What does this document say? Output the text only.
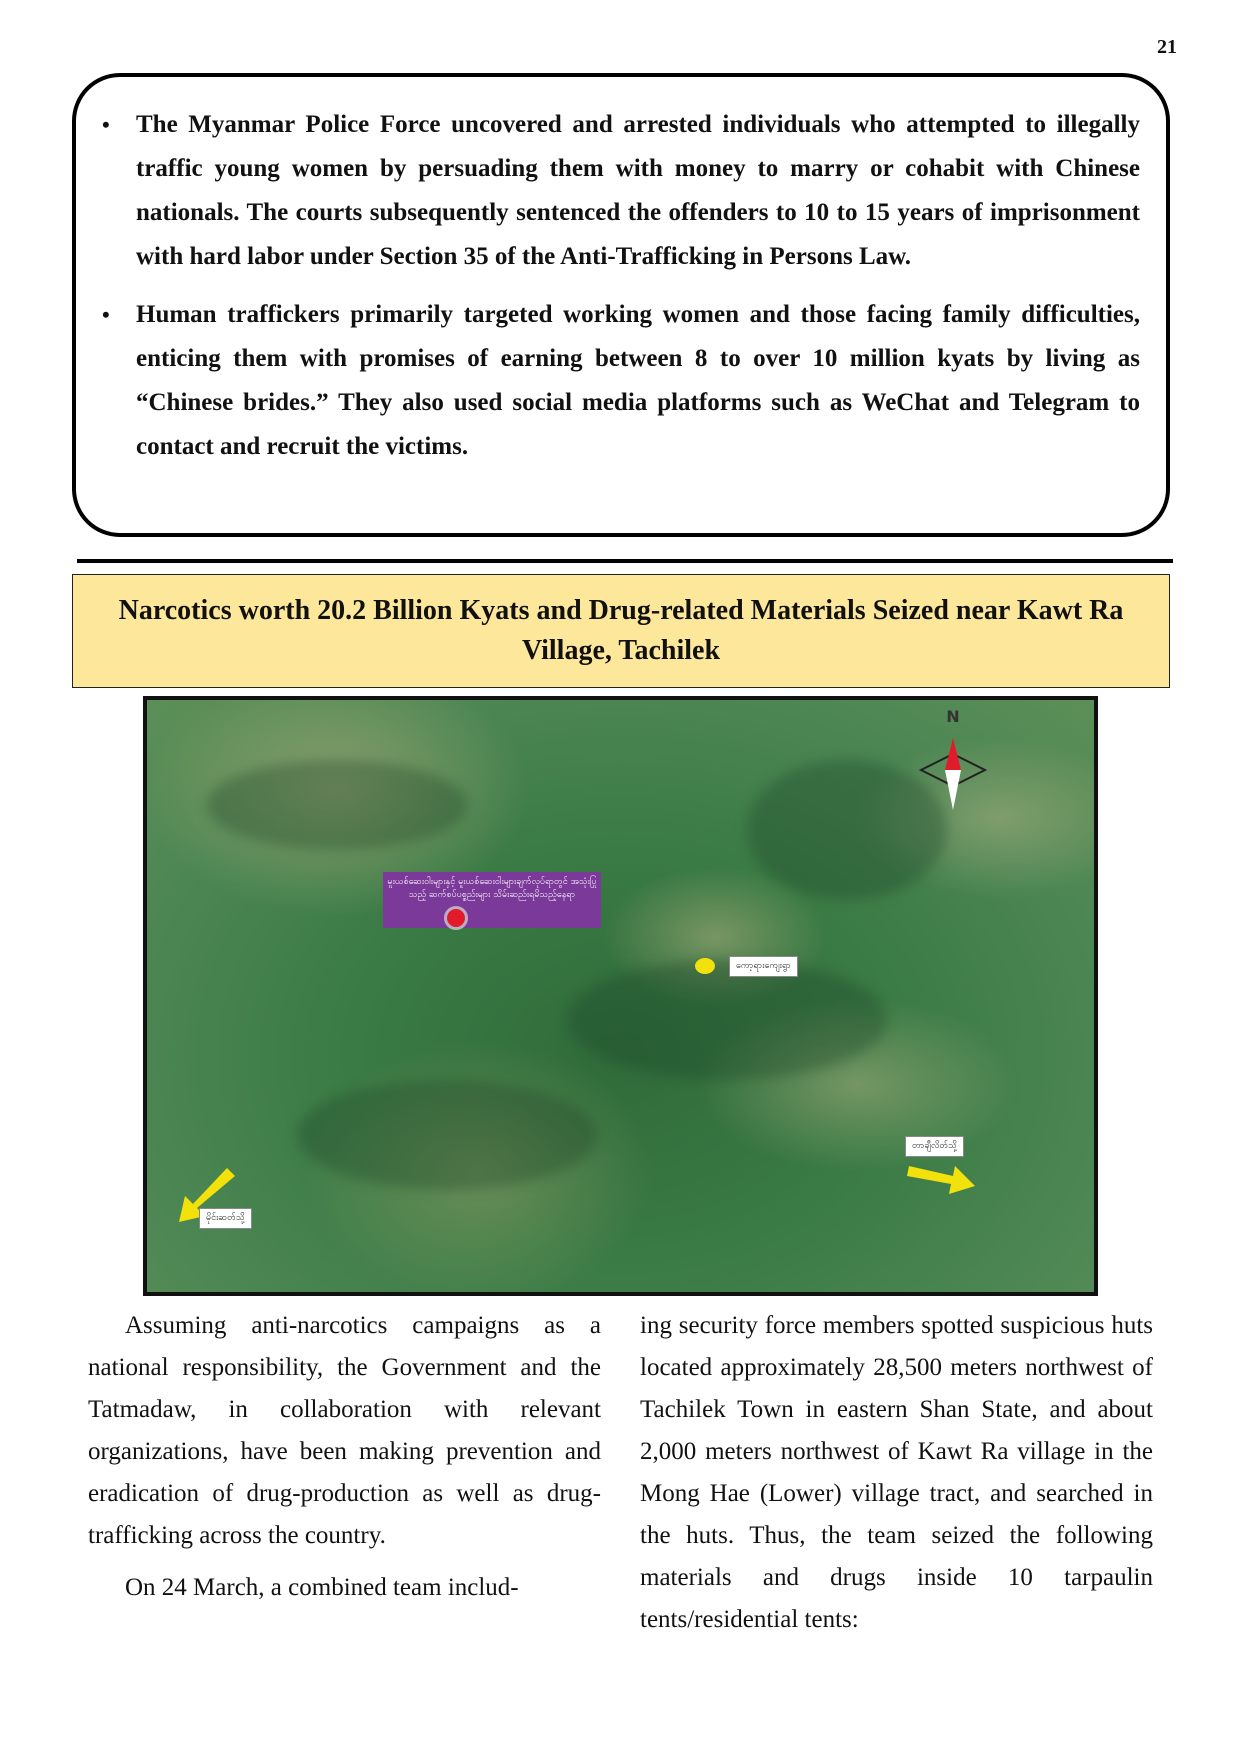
21
• The Myanmar Police Force uncovered and arrested individuals who attempted to illegally traffic young women by persuading them with money to marry or cohabit with Chinese nationals. The courts subsequently sentenced the offenders to 10 to 15 years of imprisonment with hard labor under Section 35 of the Anti-Trafficking in Persons Law.
• Human traffickers primarily targeted working women and those facing family difficulties, enticing them with promises of earning between 8 to over 10 million kyats by living as “Chinese brides.” They also used social media platforms such as WeChat and Telegram to contact and recruit the victims.
Narcotics worth 20.2 Billion Kyats and Drug-related Materials Seized near Kawt Ra Village, Tachilek
မူးယစ်ဆေးဝါးများနှင့် မူးယစ်ဆေးဝါးများချက်လုပ်ရာတွင် အသုံးပြုသည့် ဆက်စပ်ပစ္စည်းများ သိမ်းဆည်းရမိသည့်နေရာ
ကော့ရားကျေးရွာ
တာချီလိတ်သို့
မိုင်းဆတ်သို့
N

Assuming anti-narcotics campaigns as a national responsibility, the Government and the Tatmadaw, in collaboration with relevant organizations, have been making prevention and eradication of drug-production as well as drug-trafficking across the country.

On 24 March, a combined team includ-

ing security force members spotted suspicious huts located approximately 28,500 meters northwest of Tachilek Town in eastern Shan State, and about 2,000 meters northwest of Kawt Ra village in the Mong Hae (Lower) village tract, and searched in the huts. Thus, the team seized the following materials and drugs inside 10 tarpaulin tents/residential tents:
